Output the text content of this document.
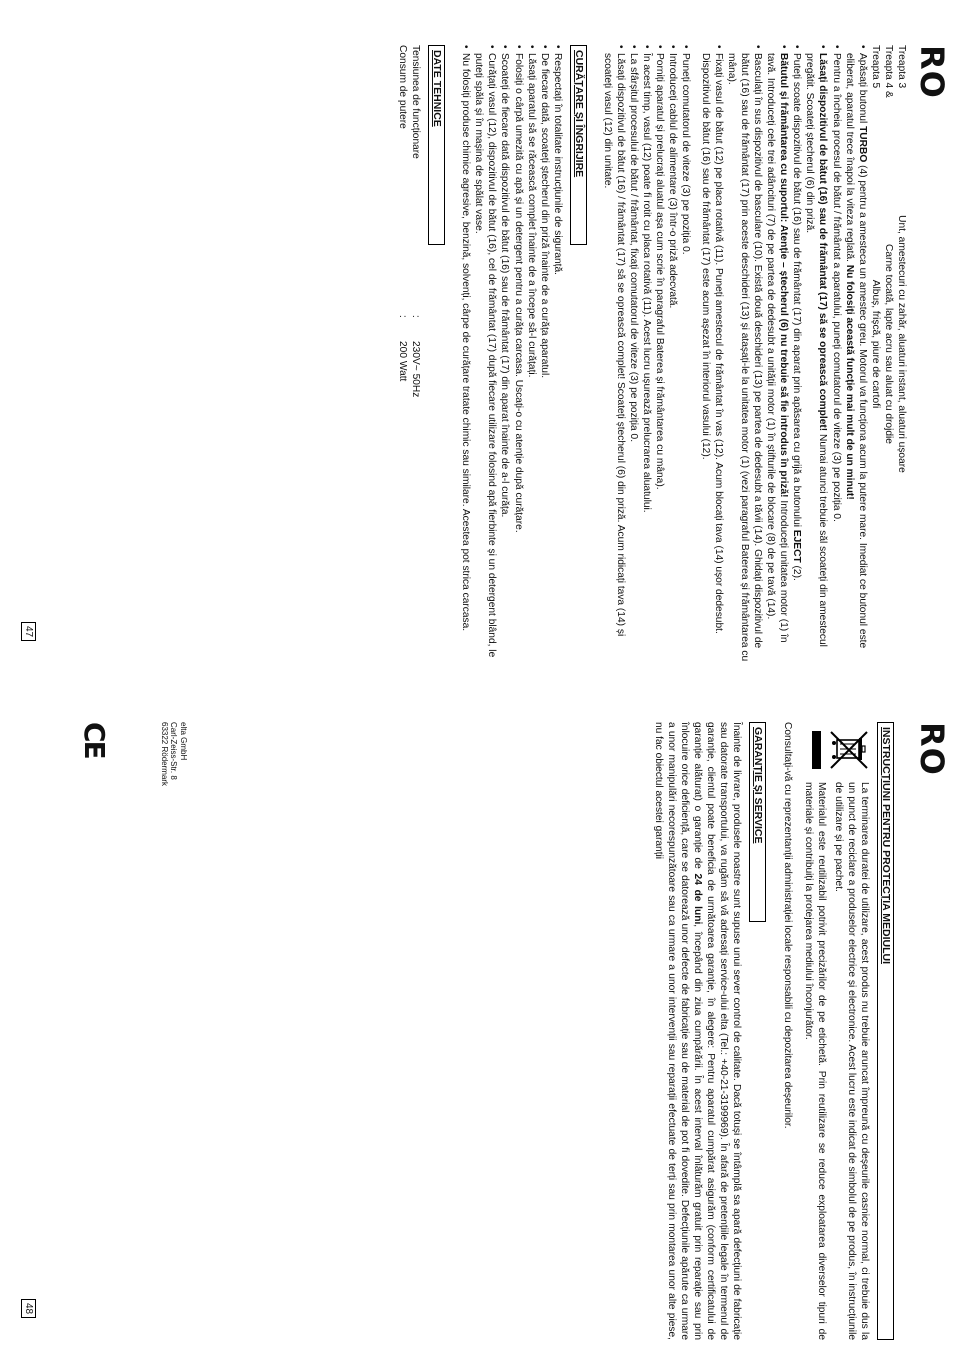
RO
Treapta 3
Unt, amestecuri cu zahăr, aluaturi instant, aluaturi ușoare
Treapta 4 &
Carne tocată, lapte acru sau aluat cu drojdie
Treapta 5
Albuș, frișcă, piure de cartofi
• Apăsați butonul TURBO (4) pentru a amesteca un amestec greu. Motorul va funcționa acum la putere mare. Imediat ce butonul este eliberat, aparatul trece înapoi la viteza reglată. Nu folosiți această funcție mai mult de un minut!
• Pentru a încheia procesul de bătut / frământat a aparatului, puneți comutatorul de viteze (3) pe poziția 0.
• Lăsați dispozitivul de bătut (16) sau de frământat (17) să se oprească complet! Numai atunci trebuie săl scoateți din amestecul pregătit. Scoateți ștecherul (6) din priză.
• Puteți scoate dispozitivul de bătut (16) sau de frământat (17) din aparat prin apăsarea cu grijă a butonului EJECT (2).
• Bătutul și frământarea cu suportul: Atenție – ștecherul (6) nu trebuie să fie introdus în priză! Introduceți unitatea motor (1) în tavă. Introduceți cele trei adâncituri (7) de pe partea de dedesubt a unității motor (1) în știfturile de blocare (8) de pe tavă (14).
• Basculați în sus dispozitivul de basculare (10). Există două deschideri (13) pe partea de dedesubt a tăvii (14). Ghidați dispozitivul de bătut (16) sau de frământat (17) prin aceste deschideri (13) și atașați-le la unitatea motor (1) (vezi paragraful Baterea și frământarea cu mâna).
• Fixați vasul de bătut (12) pe placa rotativă (11). Puneți amestecul de frământat în vas (12). Acum blocați tava (14) ușor dedesubt. Dispozitivul de bătut (16) sau de frământat (17) este acum așezat în interiorul vasului (12).
• Puneți comutatorul de viteze (3) pe poziția 0.
• Introduceți cablul de alimentare (3) într-o priză adecvată.
• Porniți aparatul și prelucrați aluatul așa cum scrie în paragraful Baterea și frământarea cu mâna).
• În acest timp, vasul (12) poate fi rotit cu placa rotativă (11). Acest lucru ușurează prelucrarea aluatului.
• La sfârșitul procesului de bătut / frământat, fixați comutatorul de viteze (3) pe poziția 0.
• Lăsați dispozitivul de bătut (16) / frământat (17) să se oprească complet! Scoateți ștecherul (6) din priză. Acum ridicați tava (14) și scoateți vasul (12) din unitate.
CURĂȚARE ȘI ÎNGRIJIRE
• Respectați în totalitate instrucțiunile de siguranță.
• De fiecare dată, scoateți ștecherul din priză înainte de a curăța aparatul.
• Lăsați aparatul să se răcească complet înainte de a începe să-l curățați.
• Folosiți o cârpă umezită cu apă și un detergent pentru a curăța carcasa. Uscați-o cu atenție după curățare.
• Scoateți de fiecare dată dispozitivul de bătut (16) sau de frământat (17) din aparat înainte de a-l curăța.
• Curățați vasul (12), dispozitivul de bătut (16), cel de frământat (17) după fiecare utilizare folosind apă fierbinte și un detergent blând, le puteți spăla și în mașina de spălat vase.
• Nu folosiți produse chimice agresive, benzină, solvenți, cârpe de curățare tratate chimic sau similare. Acestea pot strica carcasa.
DATE TEHNICE
Tensiunea de funcționare
:
230V~ 50Hz
Consum de putere
:
200 Watt
47
RO
INSTRUCȚIUNI PENTRU PROTECȚIA MEDIULUI

La terminarea duratei de utilizare, acest produs nu trebuie aruncat împreună cu deșeurile casnice normal, ci trebuie dus la un punct de reciclare a produselor electrice și electronice. Acest lucru este indicat de simbolul de pe produs, în instrucțiunile de utilizare și pe pachet.

Materialul este reutilizabil potrivit precizărilor de pe etichetă. Prin reutilizare se reduce exploatarea diverselor tipuri de materiale și contribuiți la protejarea mediului înconjurător.

Consultați-vă cu reprezentanții administrației locale responsabili cu depozitarea deșeurilor.

GARANȚIE ȘI SERVICE

Înainte de livrare, produsele noastre sunt supuse unui sever control de calitate. Dacă totuși se întâmplă sa apară defecțiuni de fabricație sau datorate transportului, va rugăm să vă adresați service-ului elta (Tel.: +40-21-3199969). În afară de pretențiile legale în termenul de garanție, clientul poate beneficia de următoarea garanție, în alegere: Pentru aparatul cumpărat asigurăm (conform certificatului de garanție alăturat) o garanție de 24 de luni, începând din ziua cumpărării. În acest interval înlăturăm gratuit prin reparație sau prin înlocuire orice deficiență, care se datorează unor defecte de fabricație sau de material de pot fi dovedite. Defecțiunile apărute ca urmare a unor manipulări necorespunzătoare sau ca urmare a unor intervenții sau reparații efectuate de terți sau prin montarea unor alte piese, nu fac obiectul acestei garanții

elta GmbH
Carl-Zeiss-Str. 8
63322 Rödermark
CE
48
